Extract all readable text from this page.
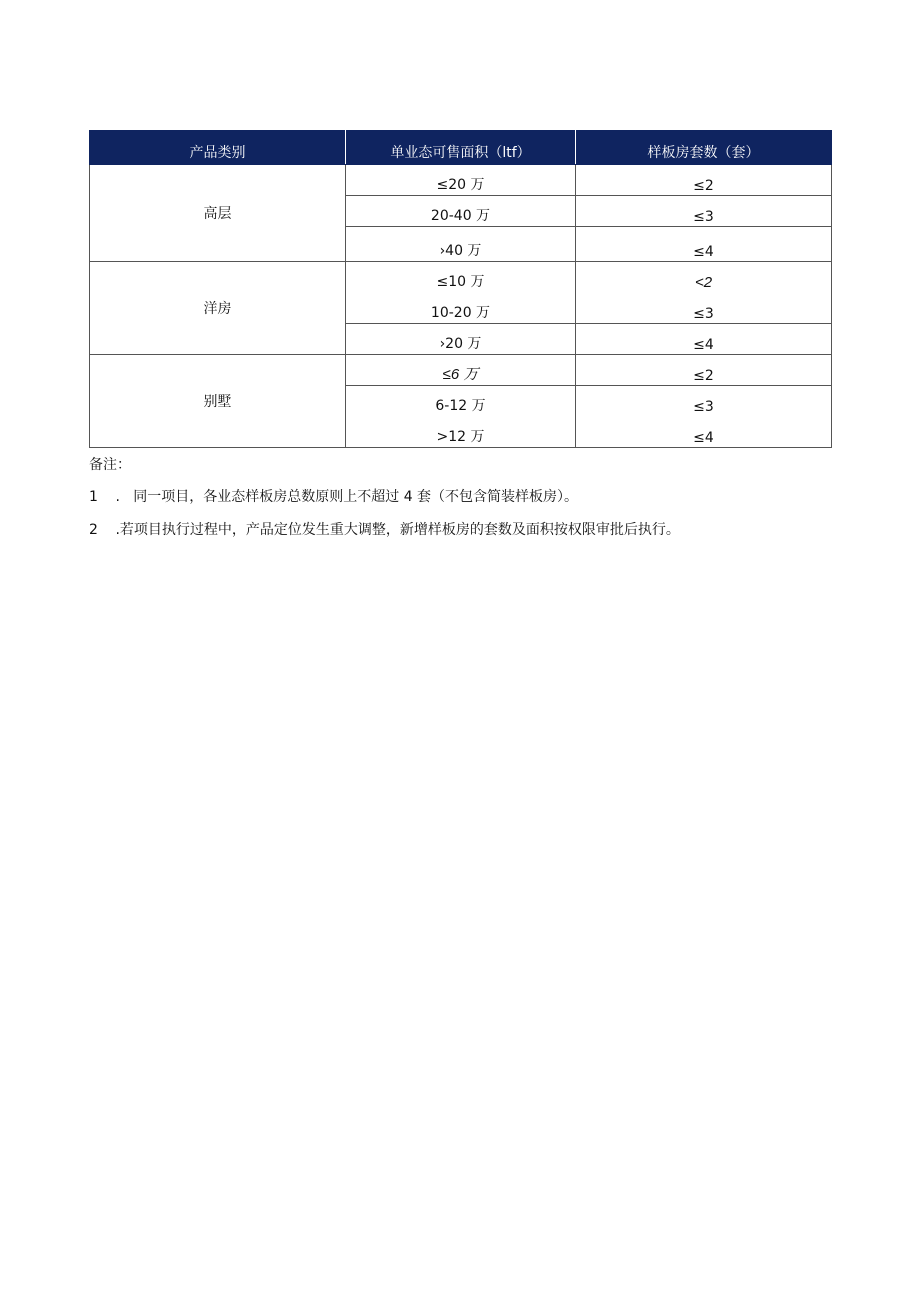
产品类别	单业态可售面积（ltf）	样板房套数（套）
高层	≤20 万	≤2
	20-40 万	≤3
	›40 万	≤4
洋房	≤10 万	<2
	10-20 万	≤3
	›20 万	≤4
别墅	≤6 万	≤2
	6-12 万	≤3
	>12 万	≤4
备注：
1 .   同一项目，各业态样板房总数原则上不超过 4 套（不包含简装样板房）。
2 .若项目执行过程中，产品定位发生重大调整，新增样板房的套数及面积按权限审批后执行。
